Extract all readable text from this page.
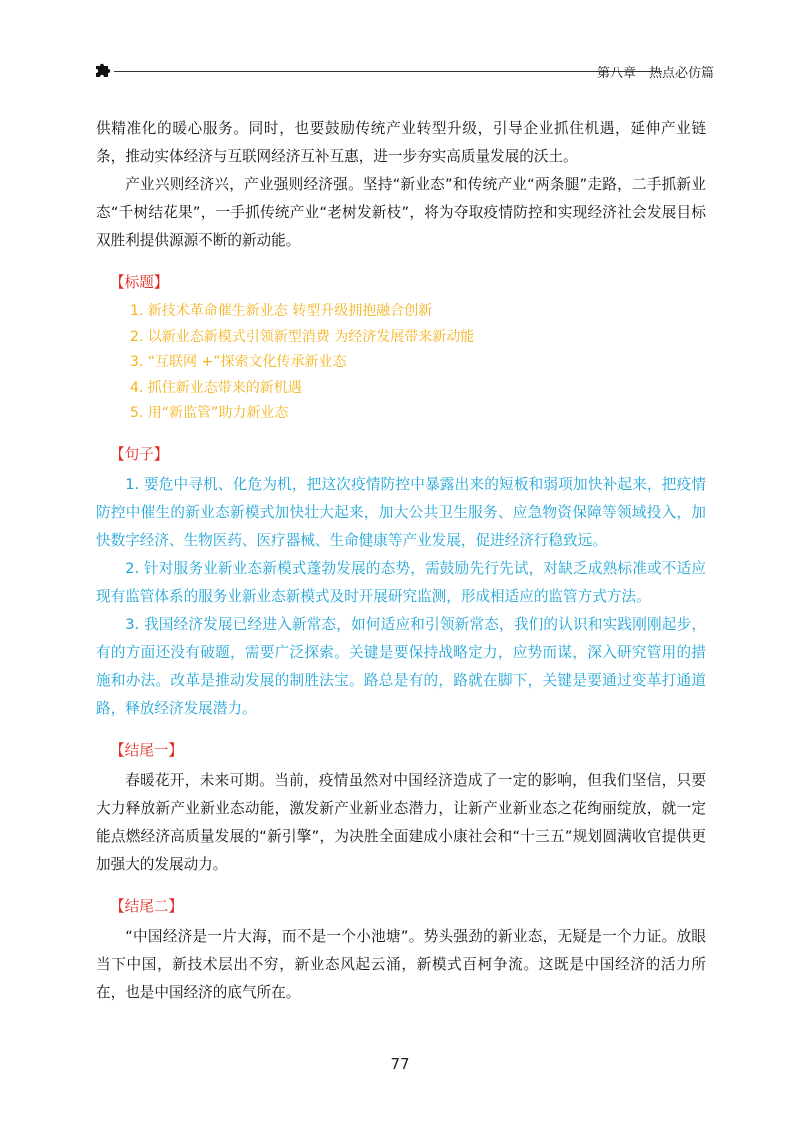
第八章　热点必仿篇

供精准化的暖心服务。同时，也要鼓励传统产业转型升级，引导企业抓住机遇，延伸产业链条，推动实体经济与互联网经济互补互惠，进一步夯实高质量发展的沃土。

产业兴则经济兴，产业强则经济强。坚持“新业态”和传统产业“两条腿”走路，二手抓新业态“千树结花果”，一手抓传统产业“老树发新枝”，将为夺取疫情防控和实现经济社会发展目标双胜利提供源源不断的新动能。

【标题】

1. 新技术革命催生新业态 转型升级拥抱融合创新

2. 以新业态新模式引领新型消费 为经济发展带来新动能

3. “互联网 +”探索文化传承新业态

4. 抓住新业态带来的新机遇

5. 用“新监管”助力新业态

【句子】

1. 要危中寻机、化危为机，把这次疫情防控中暴露出来的短板和弱项加快补起来，把疫情防控中催生的新业态新模式加快壮大起来，加大公共卫生服务、应急物资保障等领域投入，加快数字经济、生物医药、医疗器械、生命健康等产业发展，促进经济行稳致远。

2. 针对服务业新业态新模式蓬勃发展的态势，需鼓励先行先试，对缺乏成熟标准或不适应现有监管体系的服务业新业态新模式及时开展研究监测，形成相适应的监管方式方法。

3. 我国经济发展已经进入新常态，如何适应和引领新常态，我们的认识和实践刚刚起步，有的方面还没有破题，需要广泛探索。关键是要保持战略定力，应势而谋，深入研究管用的措施和办法。改革是推动发展的制胜法宝。路总是有的，路就在脚下，关键是要通过变革打通道路，释放经济发展潜力。

【结尾一】

春暖花开，未来可期。当前，疫情虽然对中国经济造成了一定的影响，但我们坚信，只要大力释放新产业新业态动能，激发新产业新业态潜力，让新产业新业态之花绚丽绽放，就一定能点燃经济高质量发展的“新引擎”，为决胜全面建成小康社会和“十三五”规划圆满收官提供更加强大的发展动力。

【结尾二】

“中国经济是一片大海，而不是一个小池塘”。势头强劲的新业态，无疑是一个力证。放眼当下中国，新技术层出不穷，新业态风起云涌，新模式百柯争流。这既是中国经济的活力所在，也是中国经济的底气所在。

77
